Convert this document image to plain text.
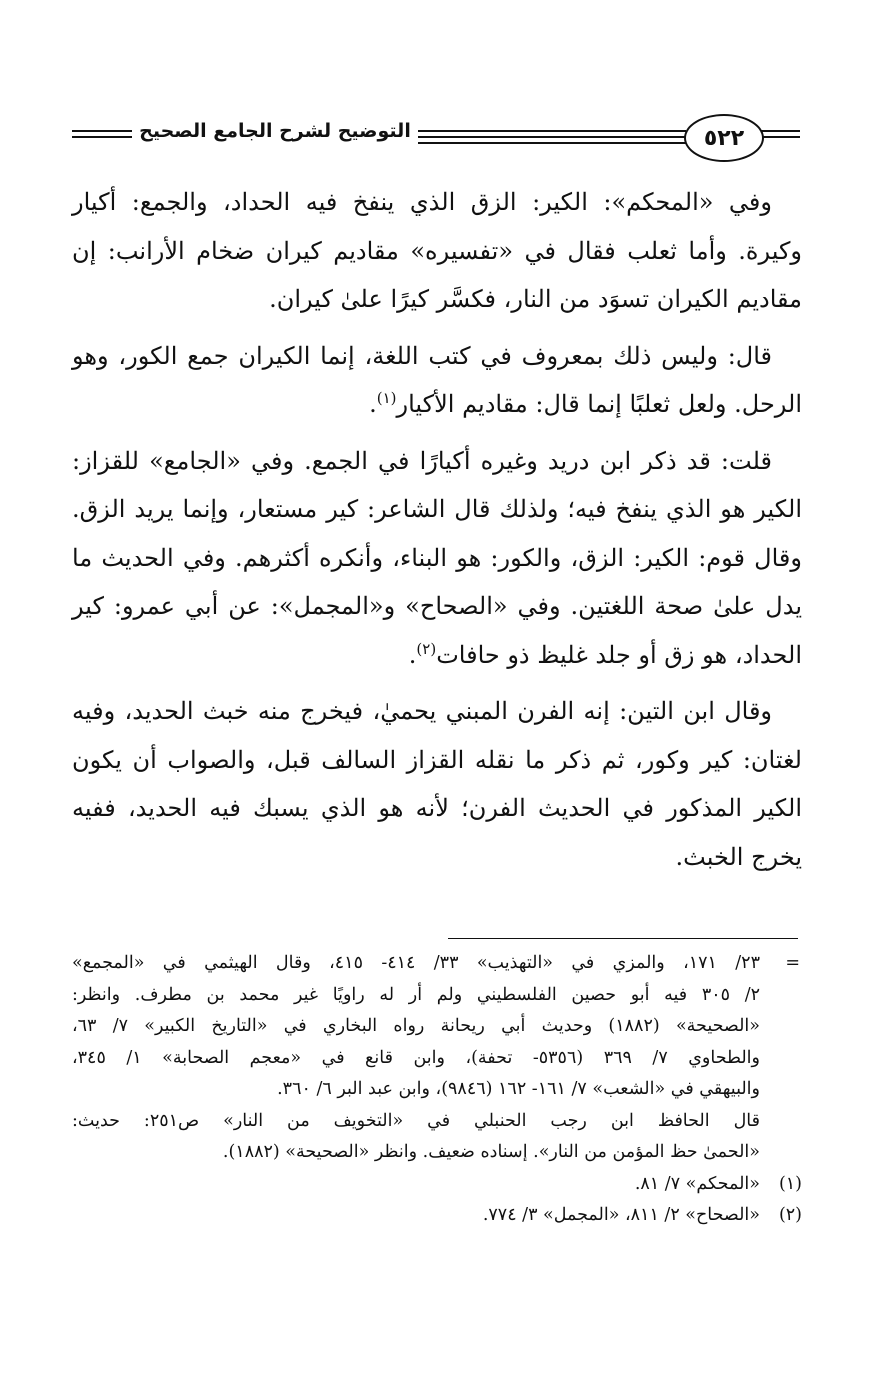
التوضيح لشرح الجامع الصحيح	٥٢٢

وفي «المحكم»: الكير: الزق الذي ينفخ فيه الحداد، والجمع: أكيار وكيرة. وأما ثعلب فقال في «تفسيره» مقاديم كيران ضخام الأرانب: إن مقاديم الكيران تسوَد من النار، فكسَّر كيرًا علىٰ كيران.

قال: وليس ذلك بمعروف في كتب اللغة، إنما الكيران جمع الكور، وهو الرحل. ولعل ثعلبًا إنما قال: مقاديم الأكيار$^{(١)}$.

قلت: قد ذكر ابن دريد وغيره أكيارًا في الجمع. وفي «الجامع» للقزاز: الكير هو الذي ينفخ فيه؛ ولذلك قال الشاعر: كير مستعار، وإنما يريد الزق. وقال قوم: الكير: الزق، والكور: هو البناء، وأنكره أكثرهم. وفي الحديث ما يدل علىٰ صحة اللغتين. وفي «الصحاح» و«المجمل»: عن أبي عمرو: كير الحداد، هو زق أو جلد غليظ ذو حافات$^{(٢)}$.

وقال ابن التين: إنه الفرن المبني يحميٰ، فيخرج منه خبث الحديد، وفيه لغتان: كير وكور، ثم ذكر ما نقله القزاز السالف قبل، والصواب أن يكون الكير المذكور في الحديث الفرن؛ لأنه هو الذي يسبك فيه الحديد، ففيه يخرج الخبث.

=
٢٣/ ١٧١، والمزي في «التهذيب» ٣٣/ ٤١٤- ٤١٥، وقال الهيثمي في «المجمع»
٢/ ٣٠٥ فيه أبو حصين الفلسطيني ولم أر له راويًا غير محمد بن مطرف. وانظر:
«الصحيحة» (١٨٨٢) وحديث أبي ريحانة رواه البخاري في «التاريخ الكبير» ٧/ ٦٣،
والطحاوي ٧/ ٣٦٩ (٥٣٥٦- تحفة)، وابن قانع في «معجم الصحابة» ١/ ٣٤٥،
والبيهقي في «الشعب» ٧/ ١٦١- ١٦٢ (٩٨٤٦)، وابن عبد البر ٦/ ٣٦٠.
قال الحافظ ابن رجب الحنبلي في «التخويف من النار» ص٢٥١: حديث:
«الحمىٰ حظ المؤمن من النار». إسناده ضعيف. وانظر «الصحيحة» (١٨٨٢).
(١)
«المحكم» ٧/ ٨١.
(٢)
«الصحاح» ٢/ ٨١١، «المجمل» ٣/ ٧٧٤.
